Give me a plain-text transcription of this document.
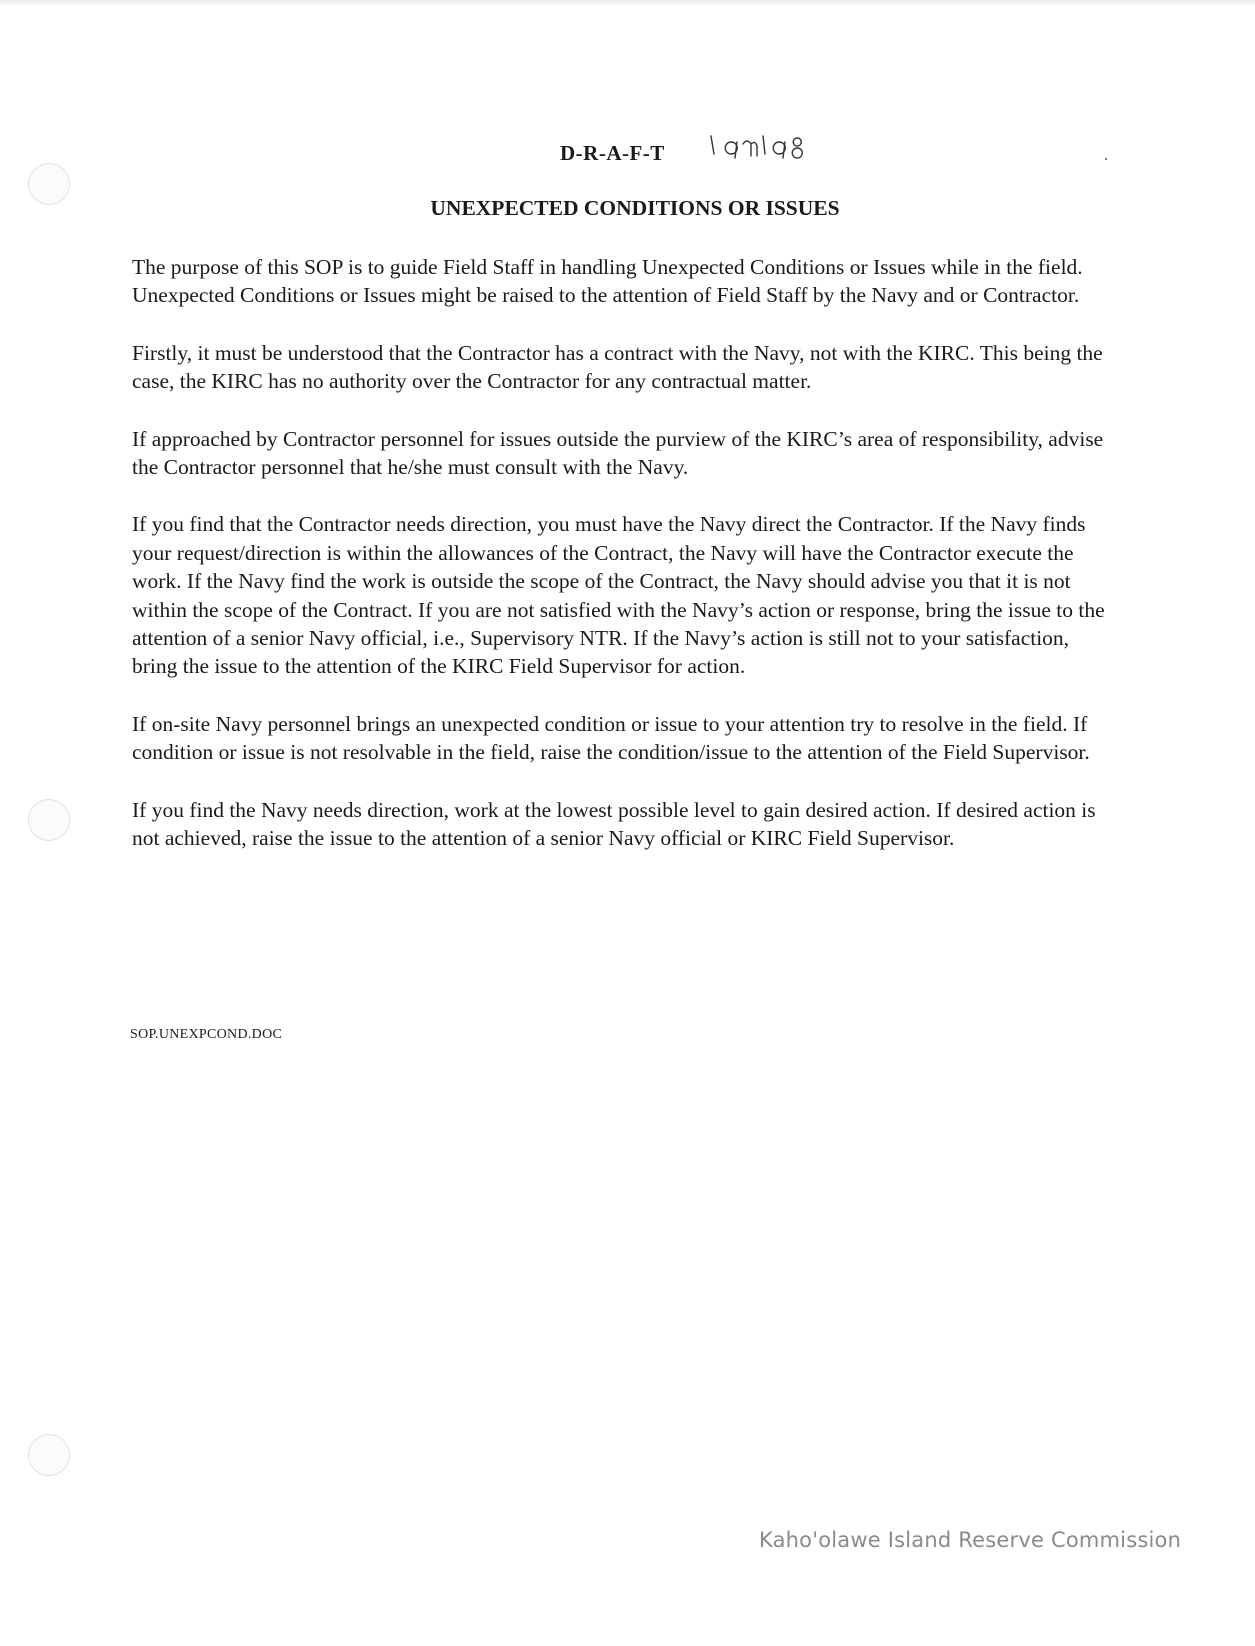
D-R-A-F-T
UNEXPECTED CONDITIONS OR ISSUES

The purpose of this SOP is to guide Field Staff in handling Unexpected Conditions or Issues while in the field. Unexpected Conditions or Issues might be raised to the attention of Field Staff by the Navy and or Contractor.

Firstly, it must be understood that the Contractor has a contract with the Navy, not with the KIRC. This being the case, the KIRC has no authority over the Contractor for any contractual matter.

If approached by Contractor personnel for issues outside the purview of the KIRC’s area of responsibility, advise the Contractor personnel that he/she must consult with the Navy.

If you find that the Contractor needs direction, you must have the Navy direct the Contractor. If the Navy finds your request/direction is within the allowances of the Contract, the Navy will have the Contractor execute the work. If the Navy find the work is outside the scope of the Contract, the Navy should advise you that it is not within the scope of the Contract. If you are not satisfied with the Navy’s action or response, bring the issue to the attention of a senior Navy official, i.e., Supervisory NTR. If the Navy’s action is still not to your satisfaction, bring the issue to the attention of the KIRC Field Supervisor for action.

If on-site Navy personnel brings an unexpected condition or issue to your attention try to resolve in the field. If condition or issue is not resolvable in the field, raise the condition/issue to the attention of the Field Supervisor.

If you find the Navy needs direction, work at the lowest possible level to gain desired action. If desired action is not achieved, raise the issue to the attention of a senior Navy official or KIRC Field Supervisor.

SOP.UNEXPCOND.DOC
Kaho'olawe Island Reserve Commission
